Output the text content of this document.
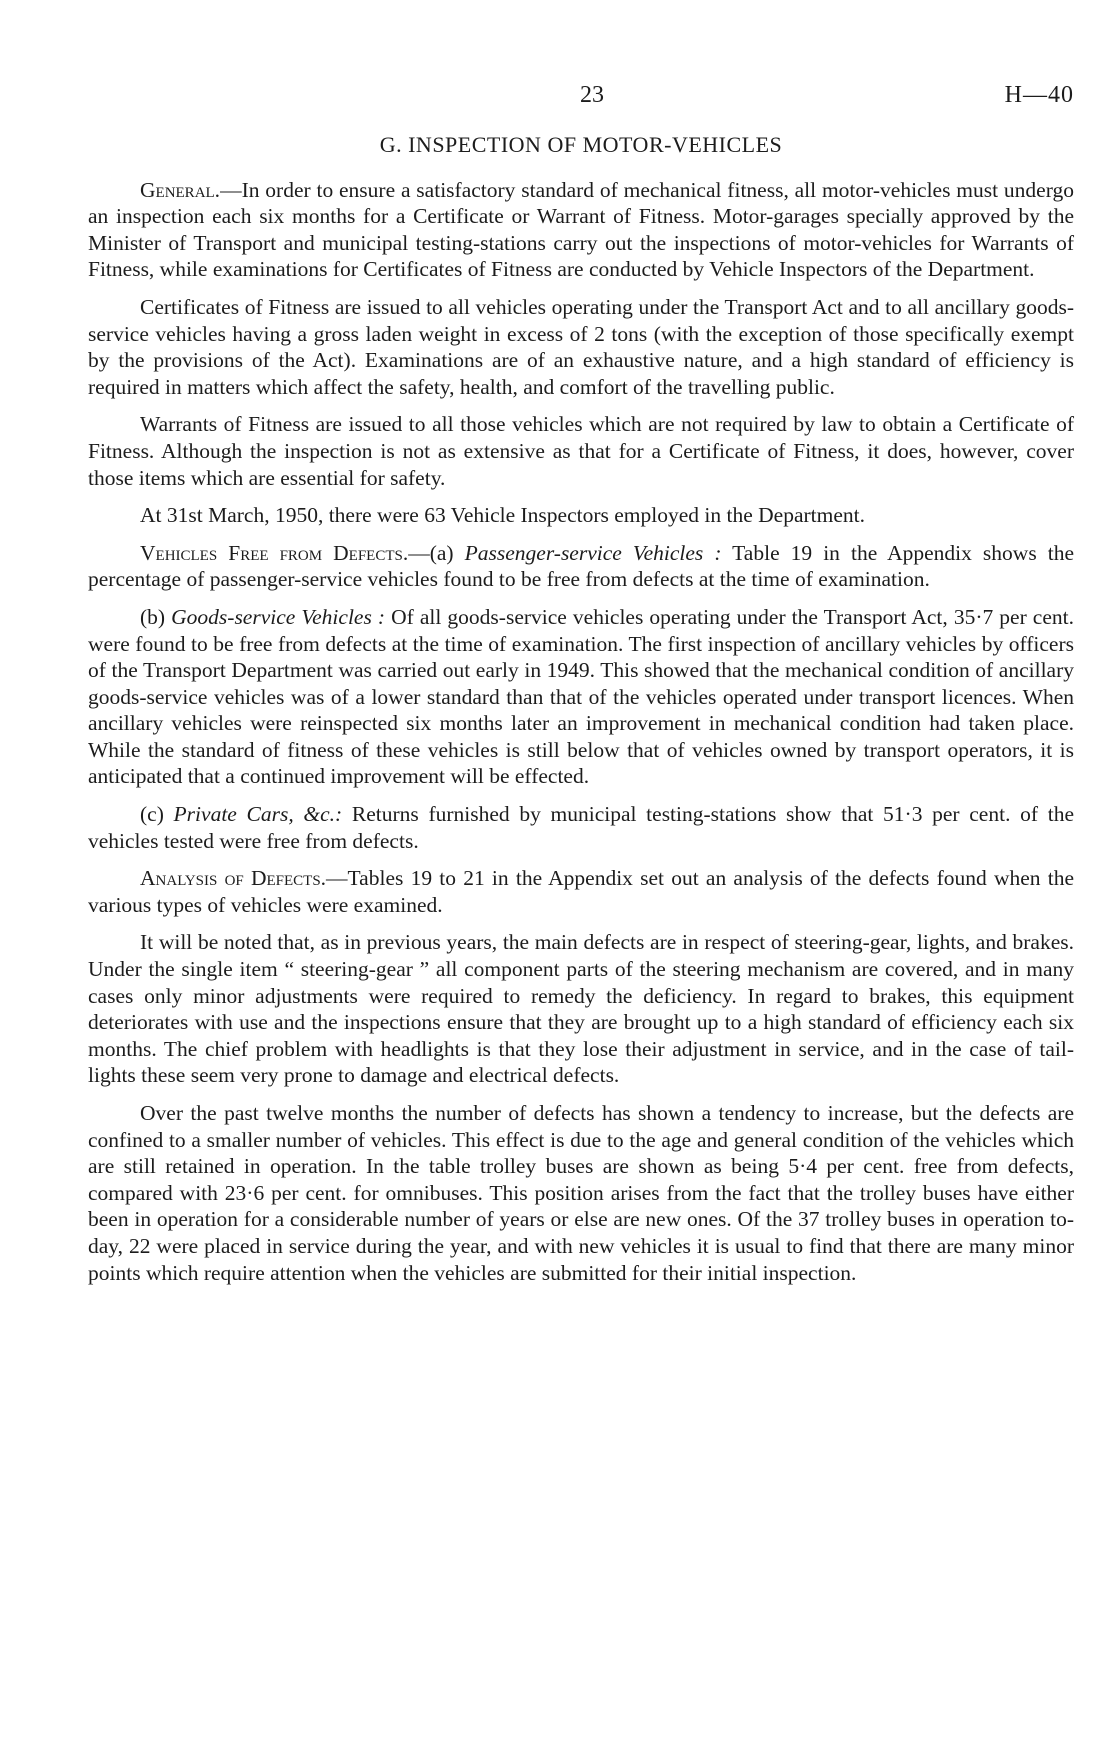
23	H—40
G. INSPECTION OF MOTOR-VEHICLES

General.—In order to ensure a satisfactory standard of mechanical fitness, all motor-vehicles must undergo an inspection each six months for a Certificate or Warrant of Fitness. Motor-garages specially approved by the Minister of Transport and municipal testing-stations carry out the inspections of motor-vehicles for Warrants of Fitness, while examinations for Certificates of Fitness are conducted by Vehicle Inspectors of the Department.

Certificates of Fitness are issued to all vehicles operating under the Transport Act and to all ancillary goods-service vehicles having a gross laden weight in excess of 2 tons (with the exception of those specifically exempt by the provisions of the Act). Examinations are of an exhaustive nature, and a high standard of efficiency is required in matters which affect the safety, health, and comfort of the travelling public.

Warrants of Fitness are issued to all those vehicles which are not required by law to obtain a Certificate of Fitness. Although the inspection is not as extensive as that for a Certificate of Fitness, it does, however, cover those items which are essential for safety.

At 31st March, 1950, there were 63 Vehicle Inspectors employed in the Department.

Vehicles Free from Defects.—(a) Passenger-service Vehicles : Table 19 in the Appendix shows the percentage of passenger-service vehicles found to be free from defects at the time of examination.

(b) Goods-service Vehicles : Of all goods-service vehicles operating under the Transport Act, 35·7 per cent. were found to be free from defects at the time of examination. The first inspection of ancillary vehicles by officers of the Transport Department was carried out early in 1949. This showed that the mechanical condition of ancillary goods-service vehicles was of a lower standard than that of the vehicles operated under transport licences. When ancillary vehicles were reinspected six months later an improvement in mechanical condition had taken place. While the standard of fitness of these vehicles is still below that of vehicles owned by transport operators, it is anticipated that a continued improvement will be effected.

(c) Private Cars, &c.: Returns furnished by municipal testing-stations show that 51·3 per cent. of the vehicles tested were free from defects.

Analysis of Defects.—Tables 19 to 21 in the Appendix set out an analysis of the defects found when the various types of vehicles were examined.

It will be noted that, as in previous years, the main defects are in respect of steering-gear, lights, and brakes. Under the single item “ steering-gear ” all component parts of the steering mechanism are covered, and in many cases only minor adjustments were required to remedy the deficiency. In regard to brakes, this equipment deteriorates with use and the inspections ensure that they are brought up to a high standard of efficiency each six months. The chief problem with headlights is that they lose their adjustment in service, and in the case of tail-lights these seem very prone to damage and electrical defects.

Over the past twelve months the number of defects has shown a tendency to increase, but the defects are confined to a smaller number of vehicles. This effect is due to the age and general condition of the vehicles which are still retained in operation. In the table trolley buses are shown as being 5·4 per cent. free from defects, compared with 23·6 per cent. for omnibuses. This position arises from the fact that the trolley buses have either been in operation for a considerable number of years or else are new ones. Of the 37 trolley buses in operation to-day, 22 were placed in service during the year, and with new vehicles it is usual to find that there are many minor points which require attention when the vehicles are submitted for their initial inspection.
